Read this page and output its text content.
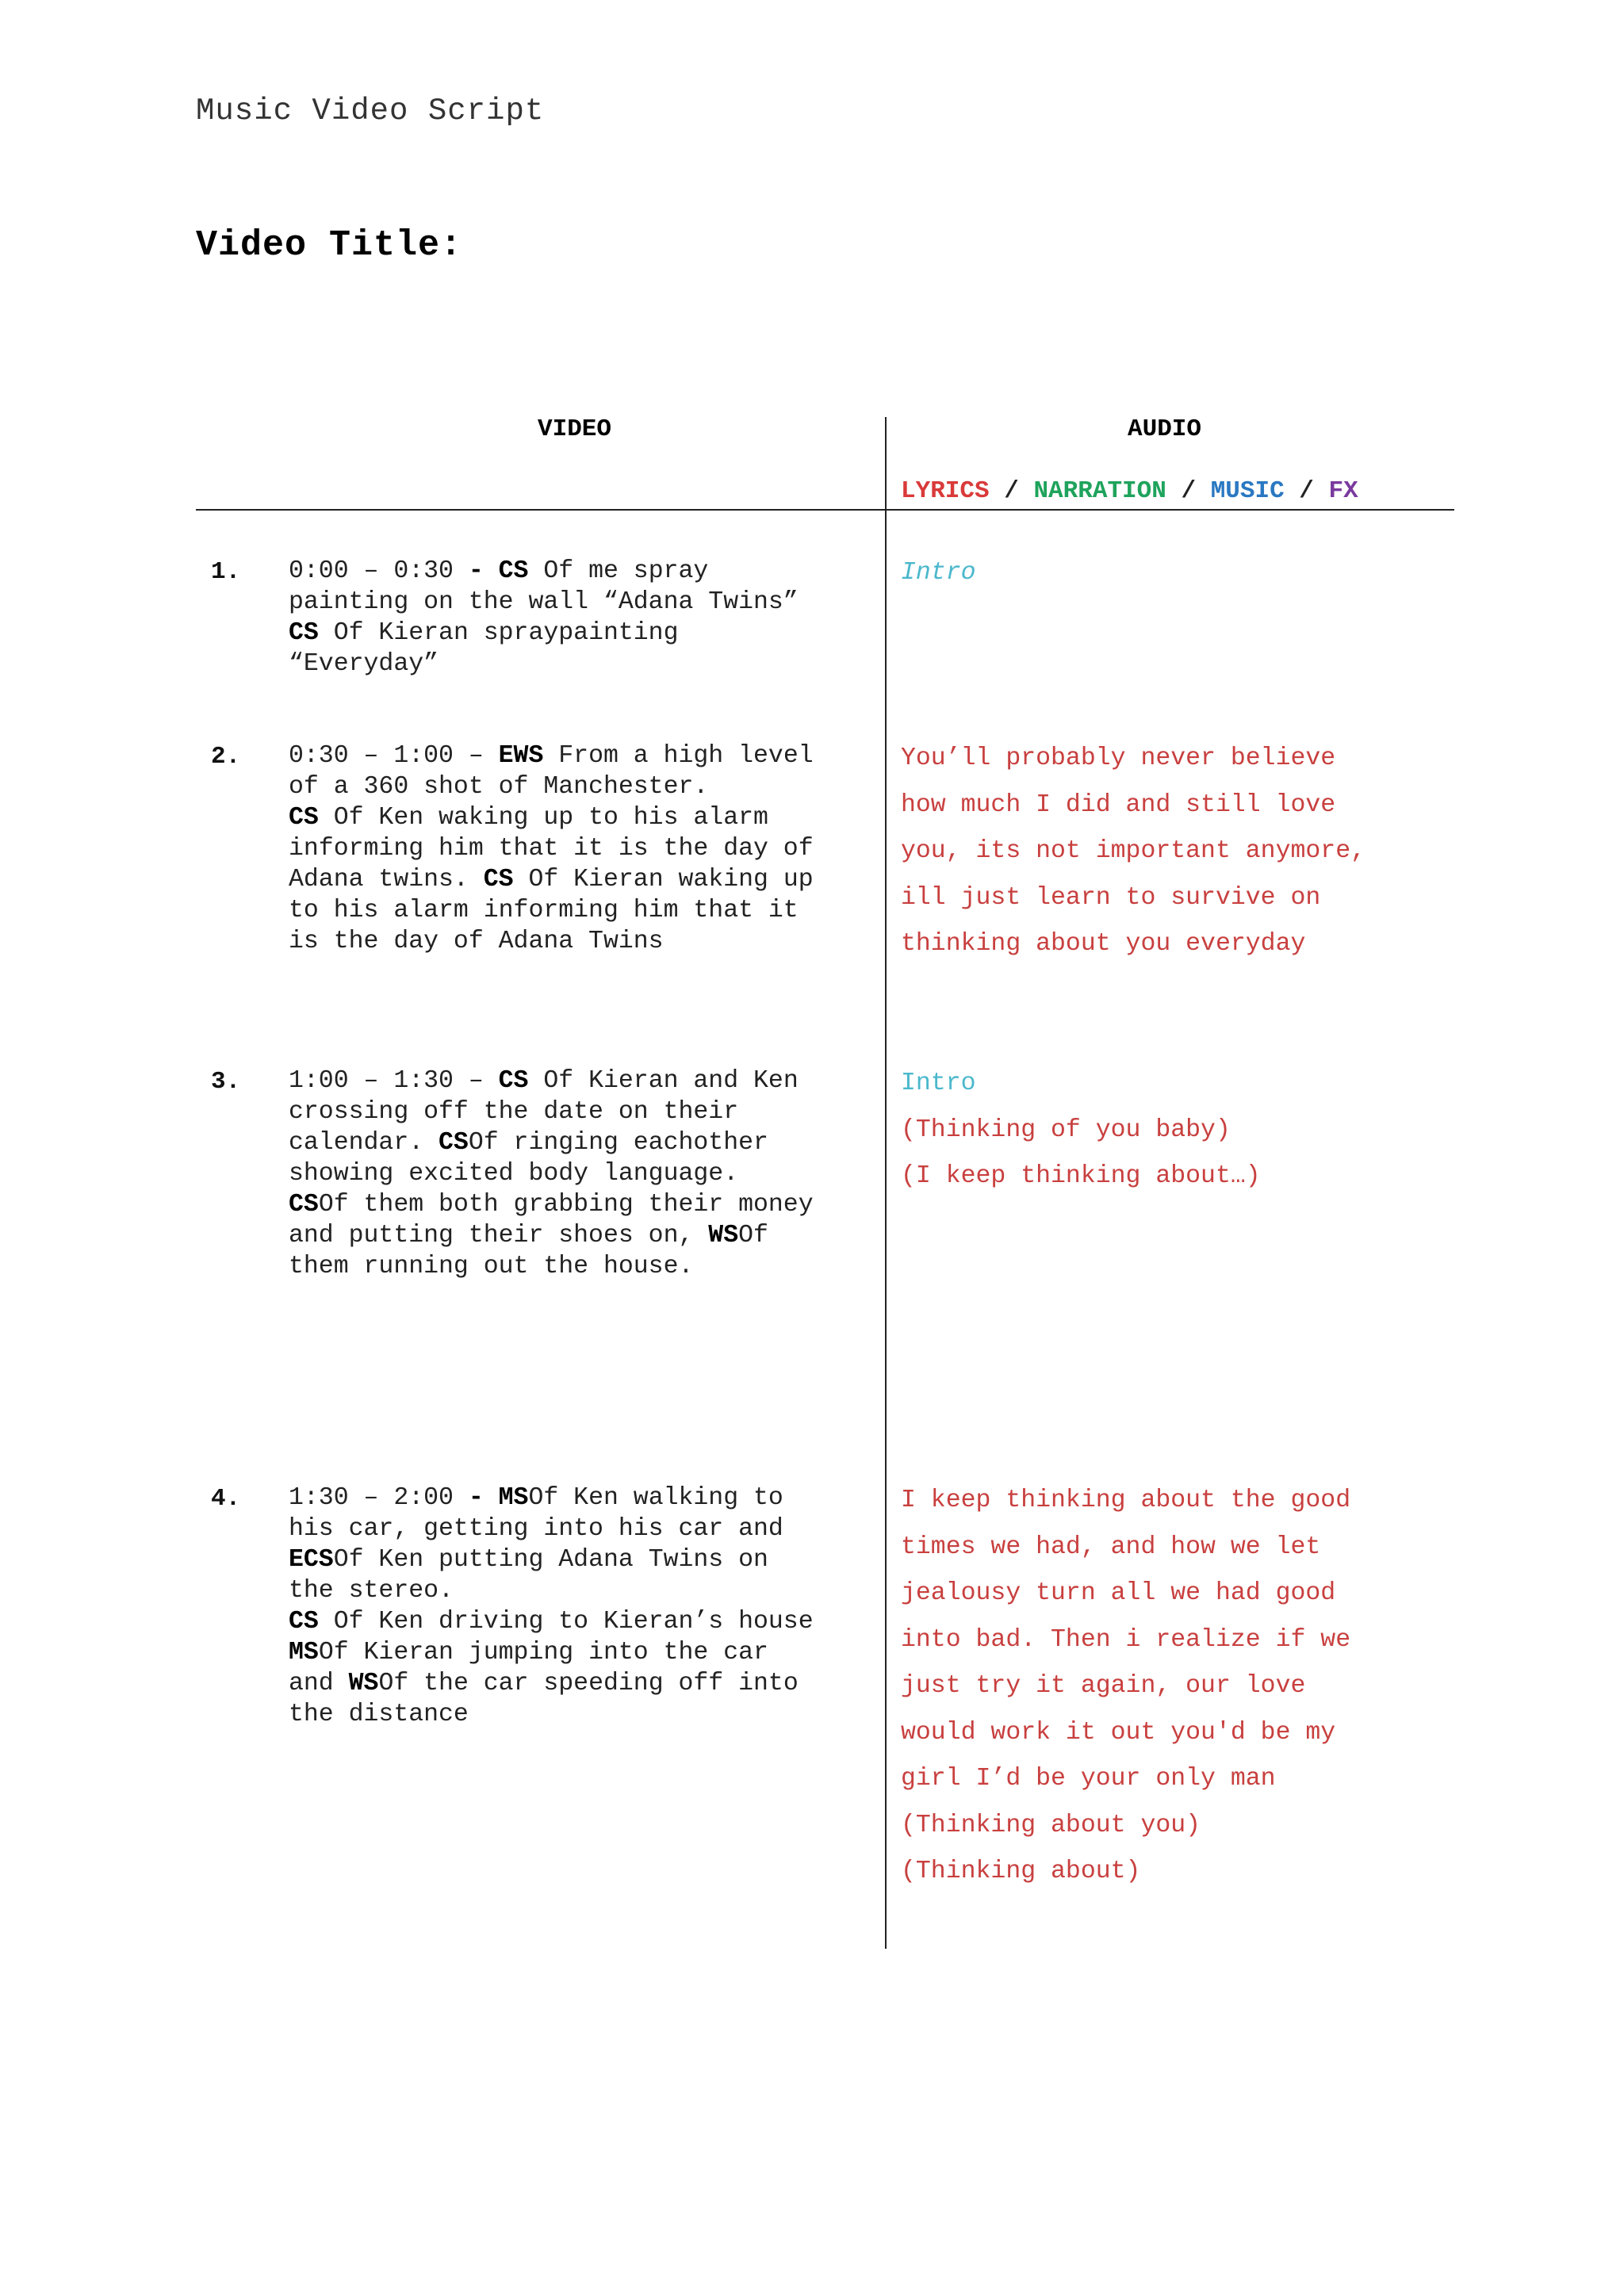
Music Video Script
Video Title:
VIDEO	AUDIO
LYRICS / NARRATION / MUSIC / FX
1. 0:00 – 0:30 - CS Of me spray
painting on the wall “Adana Twins”
CS Of Kieran spraypainting
“Everyday”
Intro
2. 0:30 – 1:00 – EWS From a high level
of a 360 shot of Manchester.
CS Of Ken waking up to his alarm
informing him that it is the day of
Adana twins. CS Of Kieran waking up
to his alarm informing him that it
is the day of Adana Twins
You’ll probably never believe
how much I did and still love
you, its not important anymore,
ill just learn to survive on
thinking about you everyday
3. 1:00 – 1:30 – CS Of Kieran and Ken
crossing off the date on their
calendar. CSOf ringing eachother
showing excited body language.
CSOf them both grabbing their money
and putting their shoes on, WSOf
them running out the house.
Intro
(Thinking of you baby)
(I keep thinking about…)
4. 1:30 – 2:00 - MSOf Ken walking to
his car, getting into his car and
ECSOf Ken putting Adana Twins on
the stereo.
CS Of Ken driving to Kieran’s house
MSOf Kieran jumping into the car
and WSOf the car speeding off into
the distance
I keep thinking about the good
times we had, and how we let
jealousy turn all we had good
into bad. Then i realize if we
just try it again, our love
would work it out you'd be my
girl I’d be your only man
(Thinking about you)
(Thinking about)
